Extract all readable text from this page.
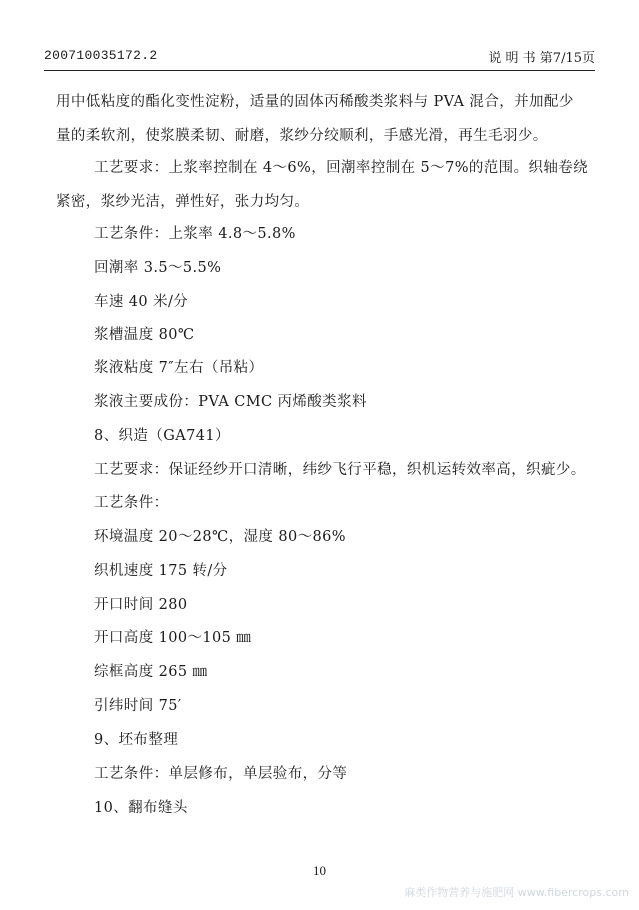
200710035172.2	说 明 书 第7/15页
用中低粘度的酯化变性淀粉，适量的固体丙稀酸类浆料与 PVA 混合，并加配少
量的柔软剂，使浆膜柔韧、耐磨，浆纱分绞顺利，手感光滑，再生毛羽少。
工艺要求：上浆率控制在 4～6%，回潮率控制在 5～7%的范围。织轴卷绕
紧密，浆纱光洁，弹性好，张力均匀。
工艺条件：上浆率 4.8～5.8%
回潮率 3.5～5.5%
车速 40 米/分
浆槽温度 80℃
浆液粘度 7″左右（吊粘）
浆液主要成份：PVA CMC 丙烯酸类浆料
8、织造（GA741）
工艺要求：保证经纱开口清晰，纬纱飞行平稳，织机运转效率高，织疵少。
工艺条件：
环境温度 20～28℃，湿度 80～86%
织机速度 175 转/分
开口时间 280
开口高度 100～105 ㎜
综框高度 265 ㎜
引纬时间 75′
9、坯布整理
工艺条件：单层修布，单层验布，分等
10、翻布缝头
10
麻类作物营养与施肥网 www.fibercrops.com
